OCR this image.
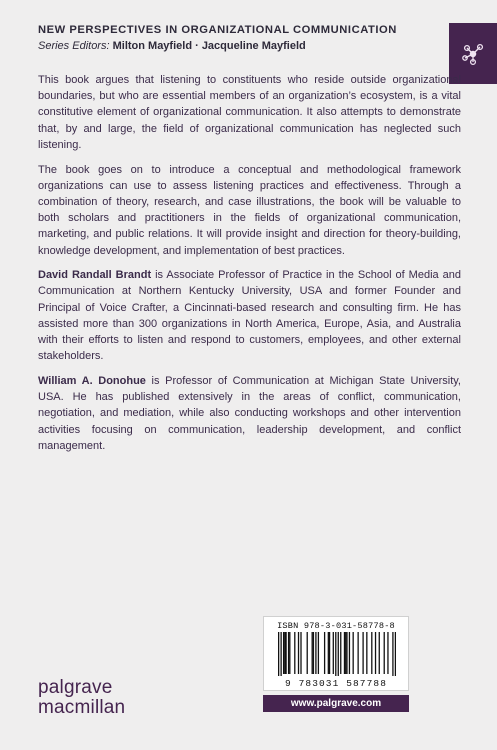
NEW PERSPECTIVES IN ORGANIZATIONAL COMMUNICATION
Series Editors: Milton Mayfield · Jacqueline Mayfield

This book argues that listening to constituents who reside outside organizational boundaries, but who are essential members of an organization’s ecosystem, is a vital constitutive element of organizational communication. It also attempts to demonstrate that, by and large, the field of organizational communication has neglected such listening.

The book goes on to introduce a conceptual and methodological framework organizations can use to assess listening practices and effectiveness. Through a combination of theory, research, and case illustrations, the book will be valuable to both scholars and practitioners in the fields of organizational communication, marketing, and public relations. It will provide insight and direction for theory-building, knowledge development, and implementation of best practices.

David Randall Brandt is Associate Professor of Practice in the School of Media and Communication at Northern Kentucky University, USA and former Founder and Principal of Voice Crafter, a Cincinnati-based research and consulting firm. He has assisted more than 300 organizations in North America, Europe, Asia, and Australia with their efforts to listen and respond to customers, employees, and other external stakeholders.

William A. Donohue is Professor of Communication at Michigan State University, USA. He has published extensively in the areas of conflict, communication, negotiation, and mediation, while also conducting workshops and other intervention activities focusing on communication, leadership development, and conflict management.

ISBN 978-3-031-58778-8
9 783031 587788
www.palgrave.com
palgrave
macmillan
